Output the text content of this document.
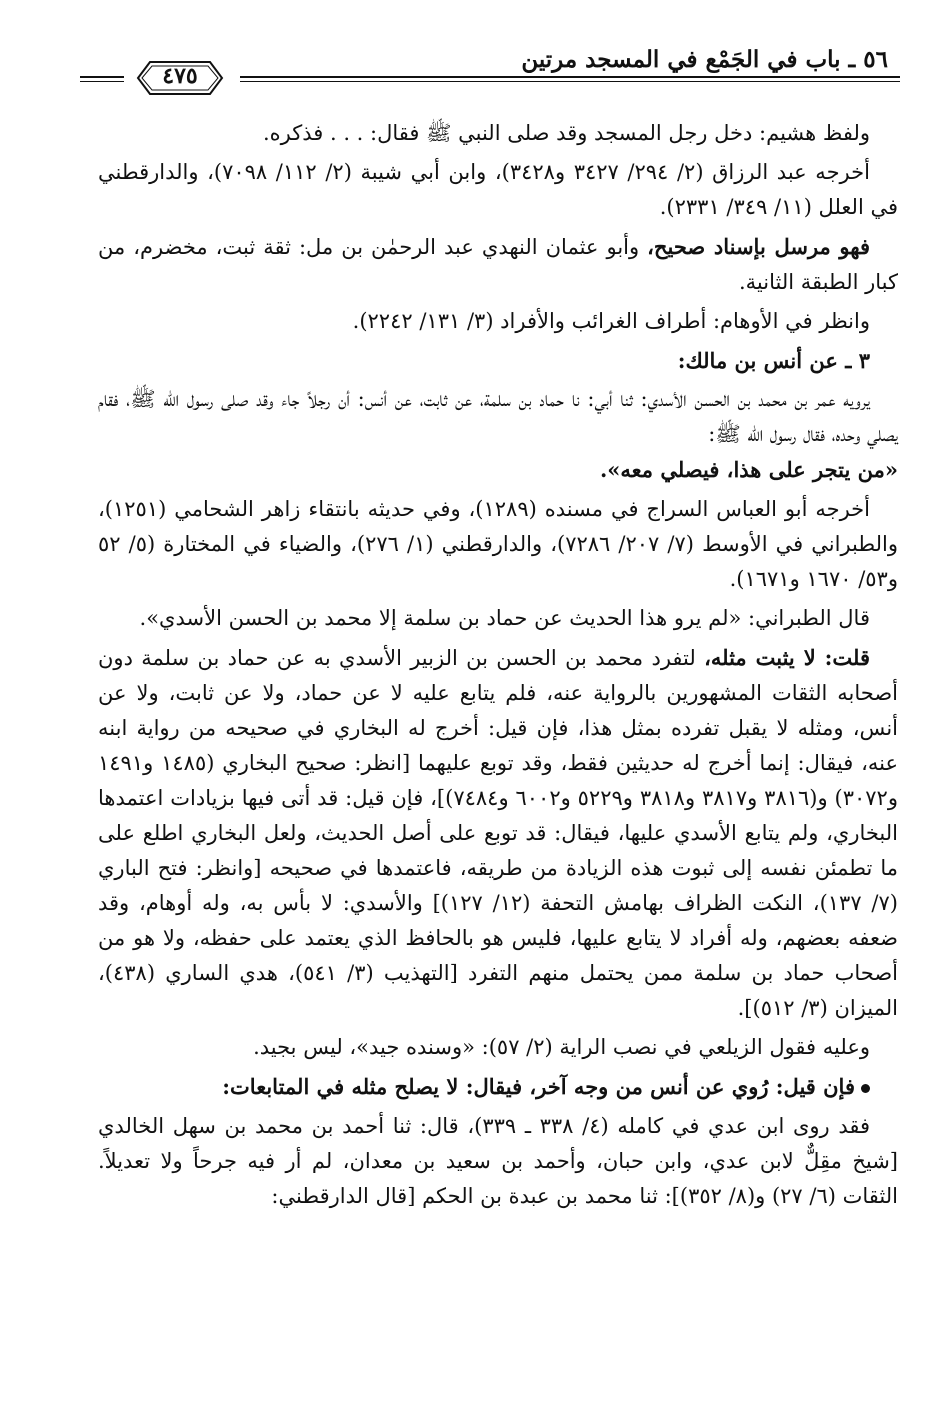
٥٦ ـ باب في الجَمْع في المسجد مرتين
٤٧٥

ولفظ هشيم: دخل رجل المسجد وقد صلى النبي ﷺ فقال: . . . فذكره.

أخرجه عبد الرزاق (٢/ ٢٩٤/ ٣٤٢٧ و٣٤٢٨)، وابن أبي شيبة (٢/ ١١٢/ ٧٠٩٨)، والدارقطني في العلل (١١/ ٣٤٩/ ٢٣٣١).

فهو مرسل بإسناد صحيح، وأبو عثمان النهدي عبد الرحمٰن بن مل: ثقة ثبت، مخضرم، من كبار الطبقة الثانية.

وانظر في الأوهام: أطراف الغرائب والأفراد (٣/ ١٣١/ ٢٢٤٢).

٣ ـ عن أنس بن مالك:

يرويه عمر بن محمد بن الحسن الأسدي: ثنا أبي: نا حماد بن سلمة، عن ثابت، عن أنس: أن رجلاً جاء وقد صلى رسول الله ﷺ، فقام يصلي وحده، فقال رسول الله ﷺ:
«من يتجر على هذا، فيصلي معه».

أخرجه أبو العباس السراج في مسنده (١٢٨٩)، وفي حديثه بانتقاء زاهر الشحامي (١٢٥١)، والطبراني في الأوسط (٧/ ٢٠٧/ ٧٢٨٦)، والدارقطني (١/ ٢٧٦)، والضياء في المختارة (٥/ ٥٢ و٥٣/ ١٦٧٠ و١٦٧١).

قال الطبراني: «لم يرو هذا الحديث عن حماد بن سلمة إلا محمد بن الحسن الأسدي».

قلت: لا يثبت مثله، لتفرد محمد بن الحسن بن الزبير الأسدي به عن حماد بن سلمة دون أصحابه الثقات المشهورين بالرواية عنه، فلم يتابع عليه لا عن حماد، ولا عن ثابت، ولا عن أنس، ومثله لا يقبل تفرده بمثل هذا، فإن قيل: أخرج له البخاري في صحيحه من رواية ابنه عنه، فيقال: إنما أخرج له حديثين فقط، وقد توبع عليهما [انظر: صحيح البخاري (١٤٨٥ و١٤٩١ و٣٠٧٢) و(٣٨١٦ و٣٨١٧ و٣٨١٨ و٥٢٢٩ و٦٠٠٢ و٧٤٨٤)]، فإن قيل: قد أتى فيها بزيادات اعتمدها البخاري، ولم يتابع الأسدي عليها، فيقال: قد توبع على أصل الحديث، ولعل البخاري اطلع على ما تطمئن نفسه إلى ثبوت هذه الزيادة من طريقه، فاعتمدها في صحيحه [وانظر: فتح الباري (٧/ ١٣٧)، النكت الظراف بهامش التحفة (١٢/ ١٢٧)] والأسدي: لا بأس به، وله أوهام، وقد ضعفه بعضهم، وله أفراد لا يتابع عليها، فليس هو بالحافظ الذي يعتمد على حفظه، ولا هو من أصحاب حماد بن سلمة ممن يحتمل منهم التفرد [التهذيب (٣/ ٥٤١)، هدي الساري (٤٣٨)، الميزان (٣/ ٥١٢)].

وعليه فقول الزيلعي في نصب الراية (٢/ ٥٧): «وسنده جيد»، ليس بجيد.

فإن قيل: رُوي عن أنس من وجه آخر، فيقال: لا يصلح مثله في المتابعات:

فقد روى ابن عدي في كامله (٤/ ٣٣٨ ـ ٣٣٩)، قال: ثنا أحمد بن محمد بن سهل الخالدي [شيخ مقِلٌّ لابن عدي، وابن حبان، وأحمد بن سعيد بن معدان، لم أر فيه جرحاً ولا تعديلاً. الثقات (٦/ ٢٧) و(٨/ ٣٥٢)]: ثنا محمد بن عبدة بن الحكم [قال الدارقطني:
